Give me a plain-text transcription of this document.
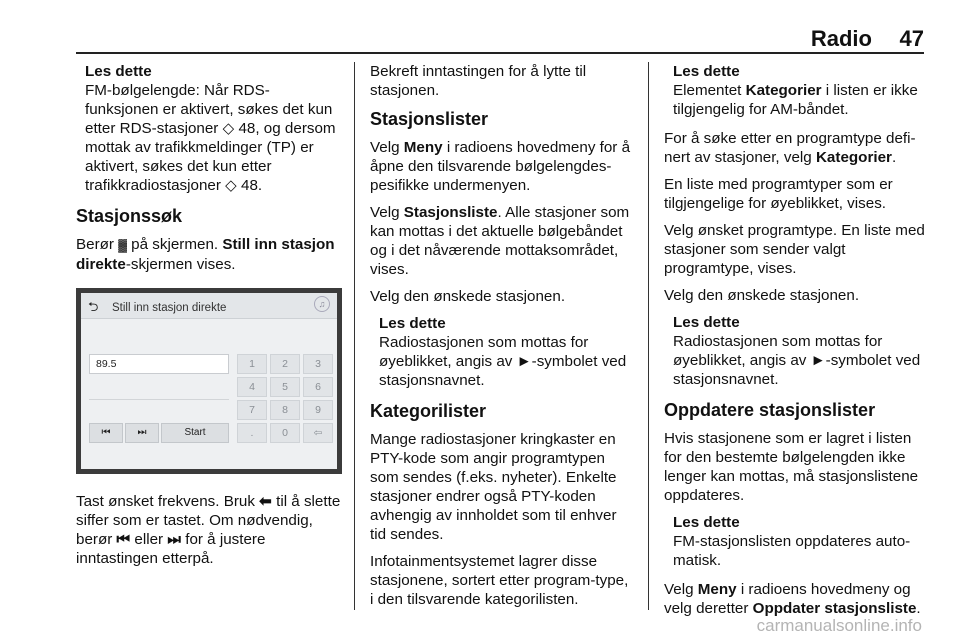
Radio 47
Les dette
FM-bølgelengde: Når RDS-funksjonen er aktivert, søkes det kun etter RDS-stasjoner ◇ 48, og dersom mottak av trafikkmeldinger (TP) er aktivert, søkes det kun etter trafikkradiostasjoner ◇ 48.
Stasjonssøk

Berør ▓ på skjermen. Still inn stasjon direkte-skjermen vises.

⮌ Still inn stasjon direkte	♫
89.5
⏮	⏭	Start
1	2	3
4	5	6
7	8	9
.	0	⇦

Tast ønsket frekvens. Bruk ⬅ til å slette siffer som er tastet. Om nødvendig, berør ⏮ eller ⏭ for å justere inntastingen etterpå.

Bekreft inntastingen for å lytte til stasjonen.

Stasjonslister

Velg Meny i radioens hovedmeny for å åpne den tilsvarende bølgelengdes-pesifikke undermenyen.

Velg Stasjonsliste. Alle stasjoner som kan mottas i det aktuelle bølgebåndet og i det nåværende mottaksområdet, vises.

Velg den ønskede stasjonen.

Les dette
Radiostasjonen som mottas for øyeblikket, angis av ►-symbolet ved stasjonsnavnet.
Kategorilister

Mange radiostasjoner kringkaster en PTY-kode som angir programtypen som sendes (f.eks. nyheter). Enkelte stasjoner endrer også PTY-koden avhengig av innholdet som til enhver tid sendes.

Infotainmentsystemet lagrer disse stasjonene, sortert etter program-type, i den tilsvarende kategorilisten.

Les dette
Elementet Kategorier i listen er ikke tilgjengelig for AM-båndet.

For å søke etter en programtype defi-nert av stasjoner, velg Kategorier.

En liste med programtyper som er tilgjengelige for øyeblikket, vises.

Velg ønsket programtype. En liste med stasjoner som sender valgt programtype, vises.

Velg den ønskede stasjonen.

Les dette
Radiostasjonen som mottas for øyeblikket, angis av ►-symbolet ved stasjonsnavnet.
Oppdatere stasjonslister

Hvis stasjonene som er lagret i listen for den bestemte bølgelengden ikke lenger kan mottas, må stasjonslistene oppdateres.

Les dette
FM-stasjonslisten oppdateres auto-matisk.

Velg Meny i radioens hovedmeny og velg deretter Oppdater stasjonsliste.

carmanualsonline.info
